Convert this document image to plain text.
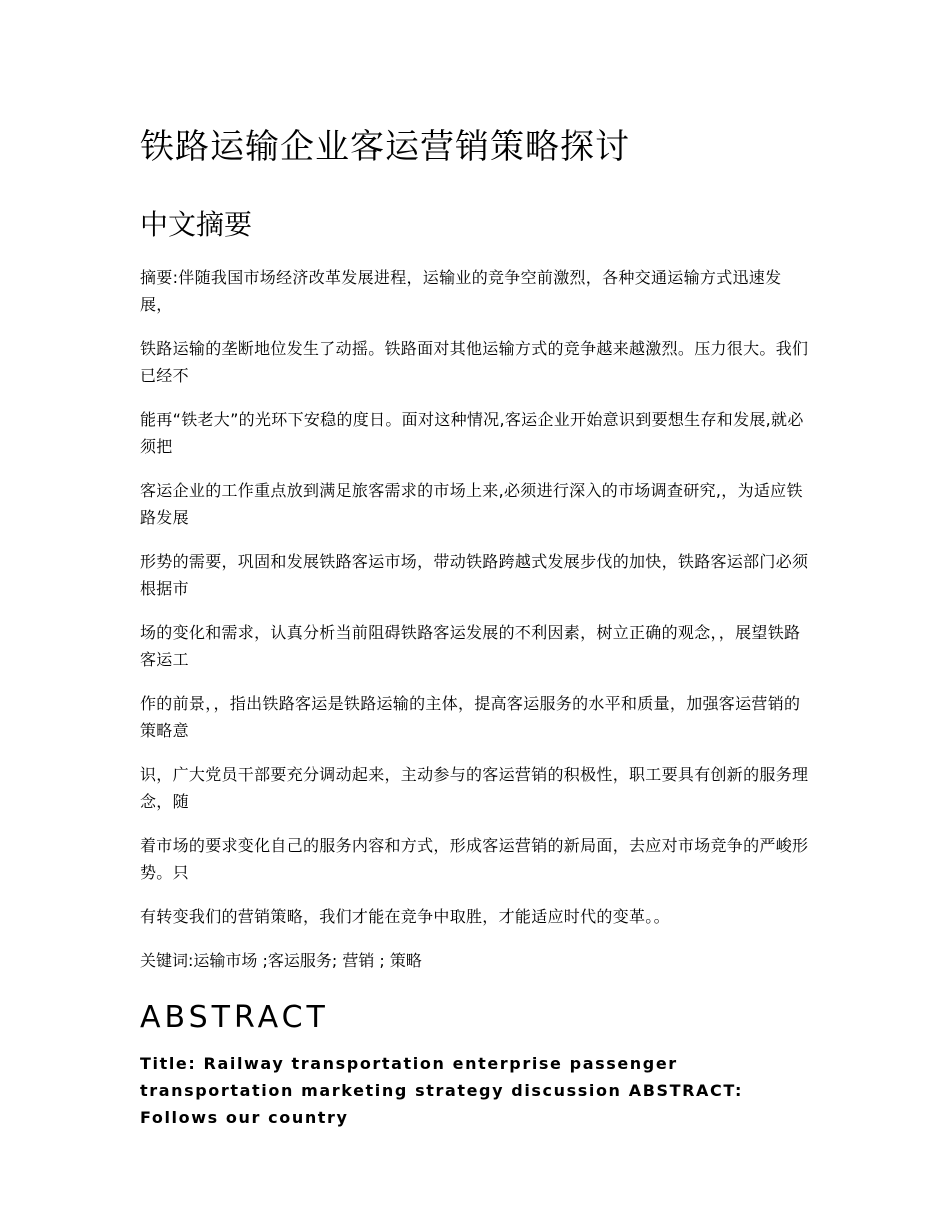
铁路运输企业客运营销策略探讨
中文摘要

摘要:伴随我国市场经济改革发展进程，运输业的竞争空前激烈，各种交通运输方式迅速发展，

铁路运输的垄断地位发生了动摇。铁路面对其他运输方式的竞争越来越激烈。压力很大。我们已经不

能再“铁老大”的光环下安稳的度日。面对这种情况,客运企业开始意识到要想生存和发展,就必须把

客运企业的工作重点放到满足旅客需求的市场上来,必须进行深入的市场调查研究,，为适应铁路发展

形势的需要，巩固和发展铁路客运市场，带动铁路跨越式发展步伐的加快，铁路客运部门必须根据市

场的变化和需求，认真分析当前阻碍铁路客运发展的不利因素，树立正确的观念，，展望铁路客运工

作的前景，，指出铁路客运是铁路运输的主体，提高客运服务的水平和质量，加强客运营销的策略意

识，广大党员干部要充分调动起来，主动参与的客运营销的积极性，职工要具有创新的服务理念，随

着市场的要求变化自己的服务内容和方式，形成客运营销的新局面，去应对市场竞争的严峻形势。只

有转变我们的营销策略，我们才能在竞争中取胜，才能适应时代的变革。。

关键词:运输市场 ;客运服务; 营销 ; 策略

ABSTRACT

Title: Railway transportation enterprise passenger transportation marketing strategy discussion ABSTRACT: Follows our country
